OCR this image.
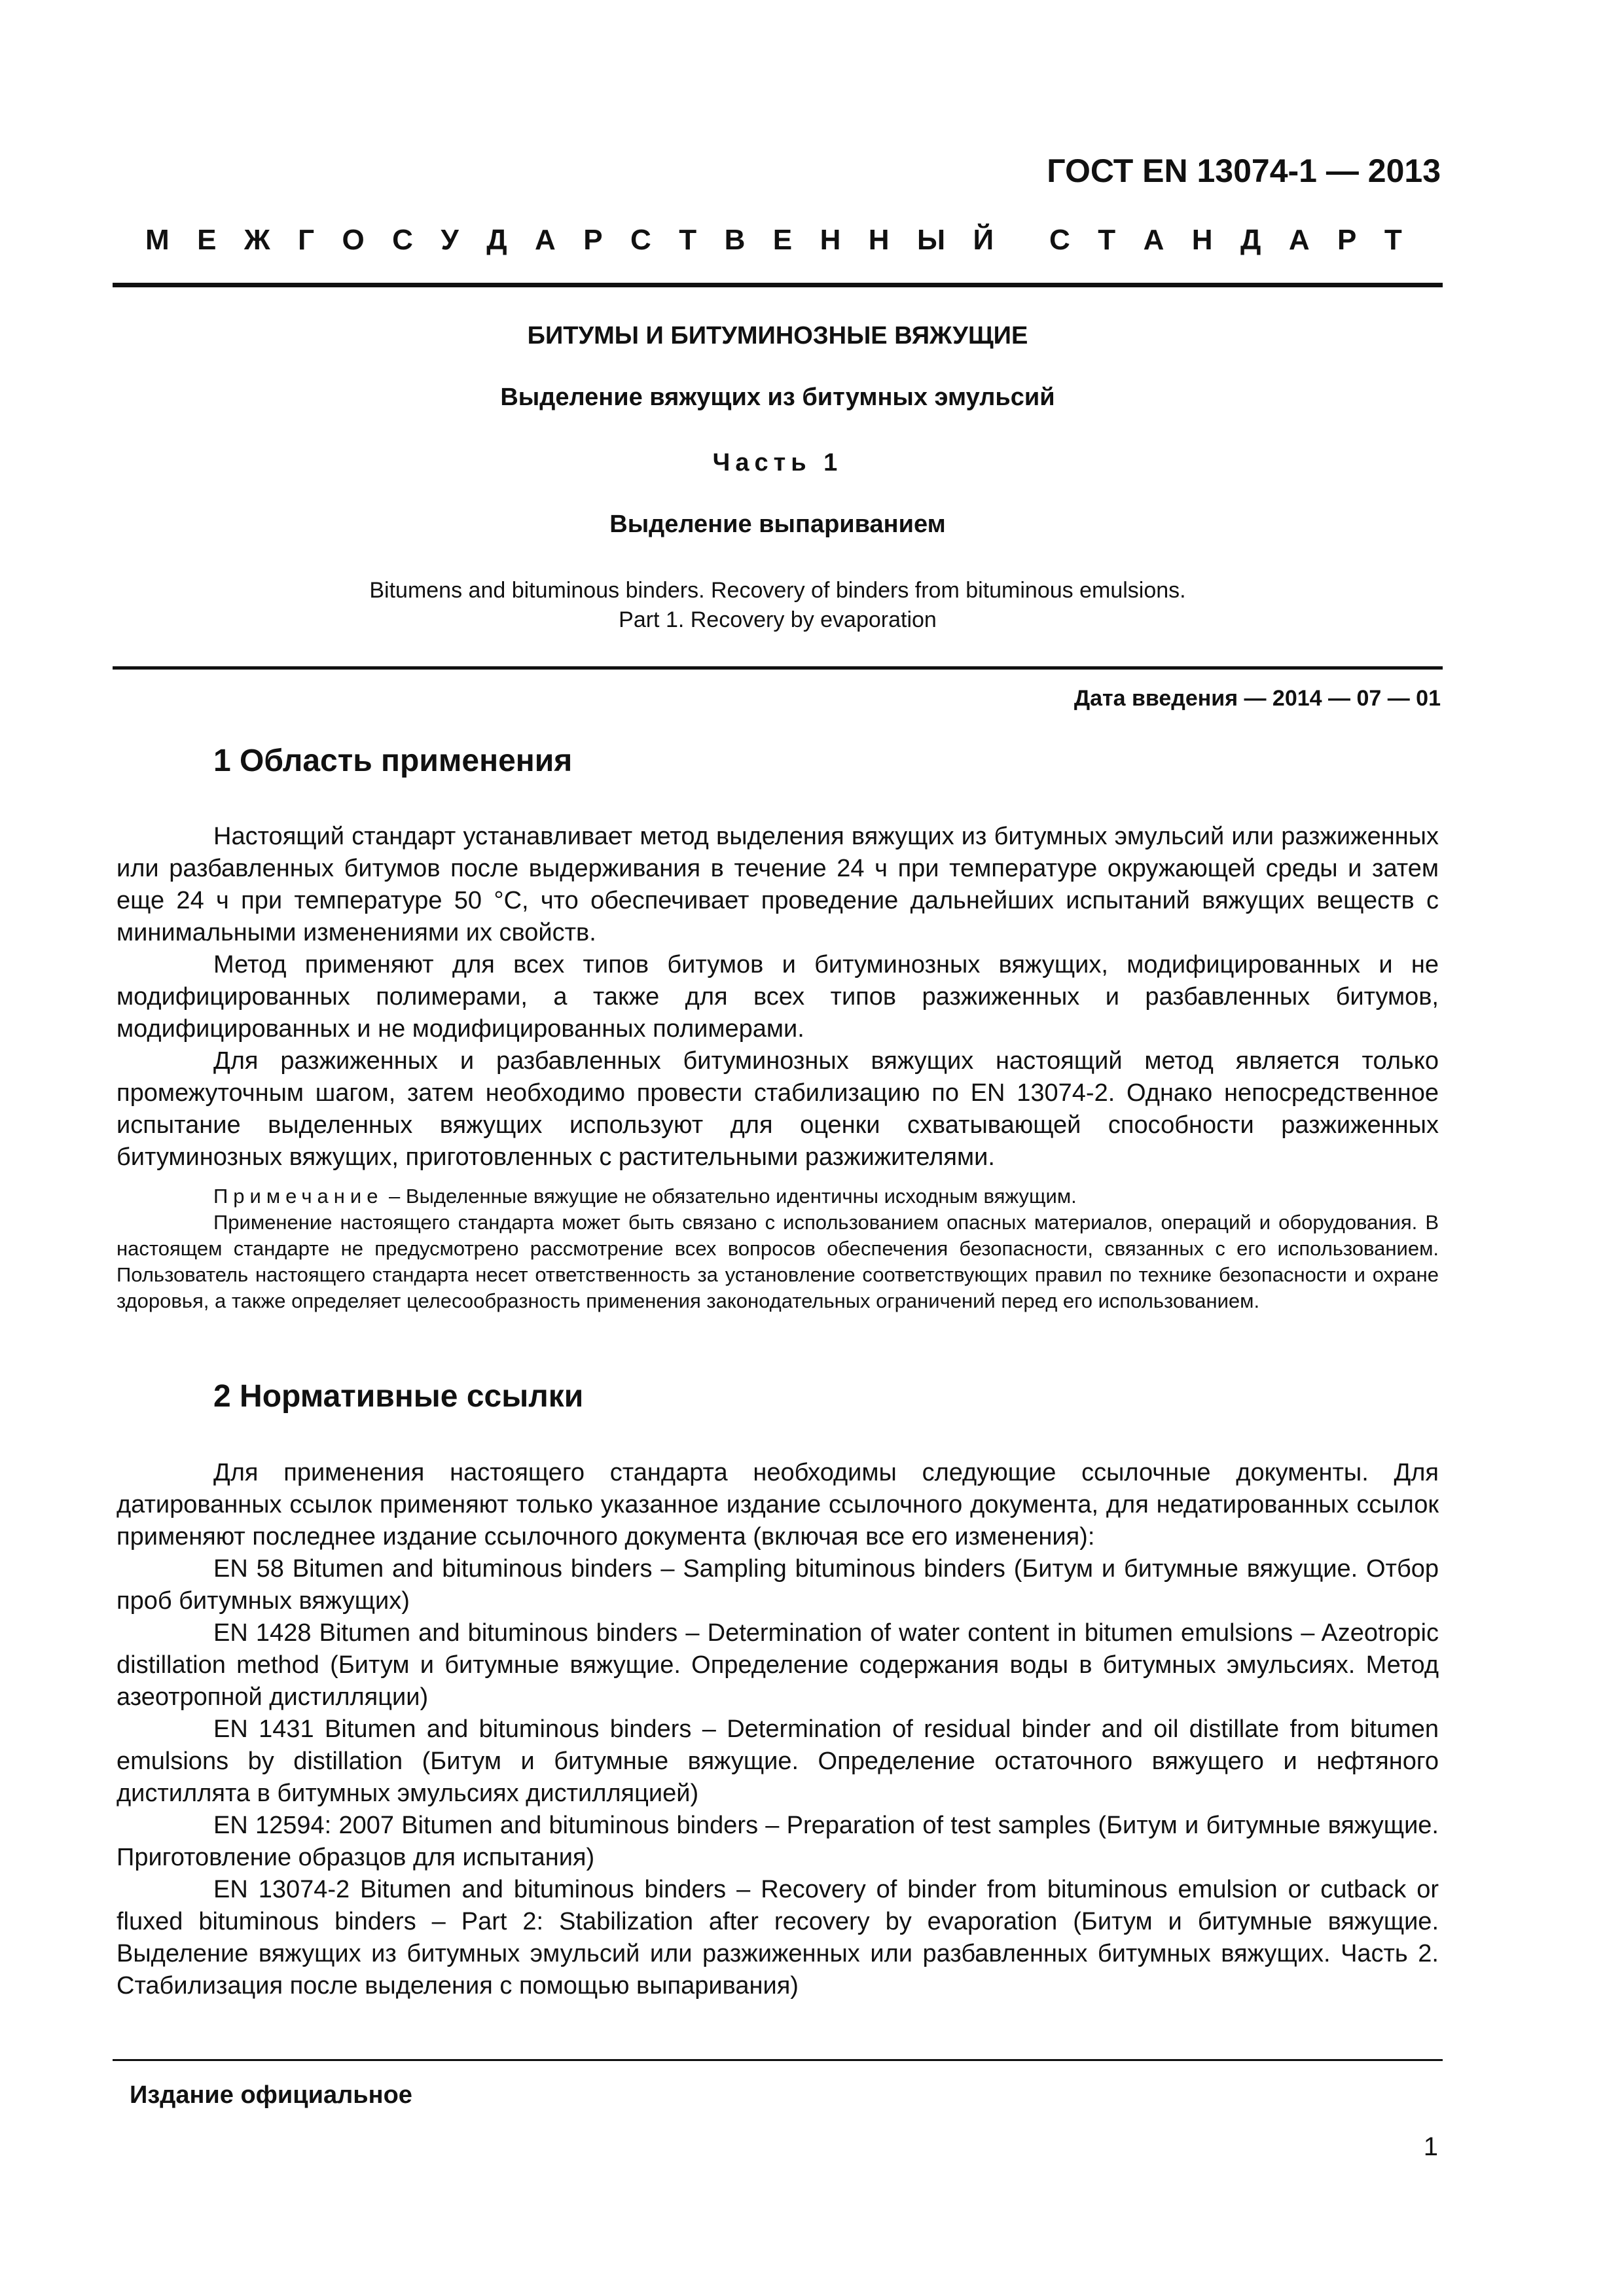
ГОСТ EN 13074-1 — 2013
М Е Ж Г О С У Д А Р С Т В Е Н Н Ы Й С Т А Н Д А Р Т
БИТУМЫ И БИТУМИНОЗНЫЕ ВЯЖУЩИЕ
Выделение вяжущих из битумных эмульсий
Часть 1
Выделение выпариванием
Bitumens and bituminous binders. Recovery of binders from bituminous emulsions.
Part 1. Recovery by evaporation
Дата введения — 2014 — 07 — 01
1 Область применения

Настоящий стандарт устанавливает метод выделения вяжущих из битумных эмульсий или разжиженных или разбавленных битумов после выдерживания в течение 24 ч при температуре окружающей среды и затем еще 24 ч при температуре 50 °С, что обеспечивает проведение дальнейших испытаний вяжущих веществ с минимальными изменениями их свойств.

Метод применяют для всех типов битумов и битуминозных вяжущих, модифицированных и не модифицированных полимерами, а также для всех типов разжиженных и разбавленных битумов, модифицированных и не модифицированных полимерами.

Для разжиженных и разбавленных битуминозных вяжущих настоящий метод является только промежуточным шагом, затем необходимо провести стабилизацию по EN 13074-2. Однако непосредственное испытание выделенных вяжущих используют для оценки схватывающей способности разжиженных битуминозных вяжущих, приготовленных с растительными разжижителями.

Примечание – Выделенные вяжущие не обязательно идентичны исходным вяжущим.

Применение настоящего стандарта может быть связано с использованием опасных материалов, операций и оборудования. В настоящем стандарте не предусмотрено рассмотрение всех вопросов обеспечения безопасности, связанных с его использованием. Пользователь настоящего стандарта несет ответственность за установление соответствующих правил по технике безопасности и охране здоровья, а также определяет целесообразность применения законодательных ограничений перед его использованием.

2 Нормативные ссылки

Для применения настоящего стандарта необходимы следующие ссылочные документы. Для датированных ссылок применяют только указанное издание ссылочного документа, для недатированных ссылок применяют последнее издание ссылочного документа (включая все его изменения):

EN 58 Bitumen and bituminous binders – Sampling bituminous binders (Битум и битумные вяжущие. Отбор проб битумных вяжущих)

EN 1428 Bitumen and bituminous binders – Determination of water content in bitumen emulsions – Azeotropic distillation method (Битум и битумные вяжущие. Определение содержания воды в битумных эмульсиях. Метод азеотропной дистилляции)

EN 1431 Bitumen and bituminous binders – Determination of residual binder and oil distillate from bitumen emulsions by distillation (Битум и битумные вяжущие. Определение остаточного вяжущего и нефтяного дистиллята в битумных эмульсиях дистилляцией)

EN 12594: 2007 Bitumen and bituminous binders – Preparation of test samples (Битум и битумные вяжущие. Приготовление образцов для испытания)

EN 13074-2 Bitumen and bituminous binders – Recovery of binder from bituminous emulsion or cutback or fluxed bituminous binders – Part 2: Stabilization after recovery by evaporation (Битум и битумные вяжущие. Выделение вяжущих из битумных эмульсий или разжиженных или разбавленных битумных вяжущих. Часть 2. Стабилизация после выделения с помощью выпаривания)

Издание официальное
1
